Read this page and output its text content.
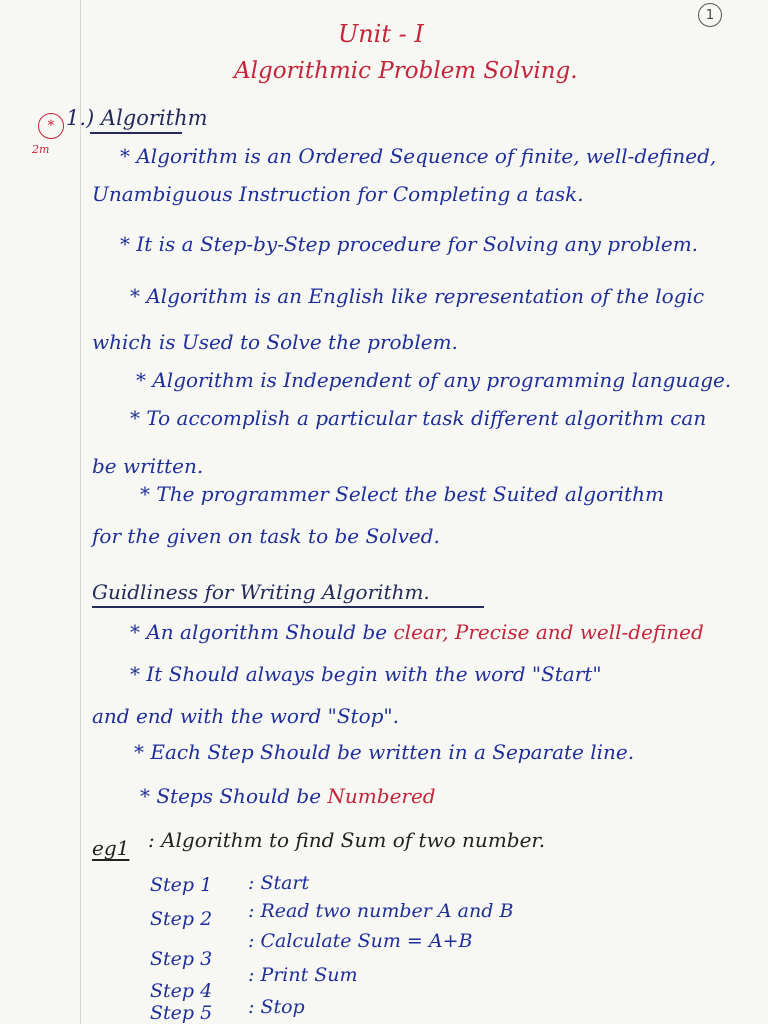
1
Unit - I
Algorithmic Problem Solving.
*
2m
1.) Algorithm
* Algorithm is an Ordered Sequence of finite, well-defined,
Unambiguous Instruction for Completing a task.
* It is a Step-by-Step procedure for Solving any problem.
* Algorithm is an English like representation of the logic
which is Used to Solve the problem.
* Algorithm is Independent of any programming language.
* To accomplish a particular task different algorithm can
be written.
* The programmer Select the best Suited algorithm
for the given on task to be Solved.
Guidliness for Writing Algorithm.
* An algorithm Should be clear, Precise and well-defined
* It Should always begin with the word "Start"
and end with the word "Stop".
* Each Step Should be written in a Separate line.
* Steps Should be Numbered
eg1 : Algorithm to find Sum of two number.
Step 1 : Start
Step 2 : Read two number A and B
Step 3
: Calculate Sum = A+B
Step 4
: Print Sum
Step 5 : Stop
